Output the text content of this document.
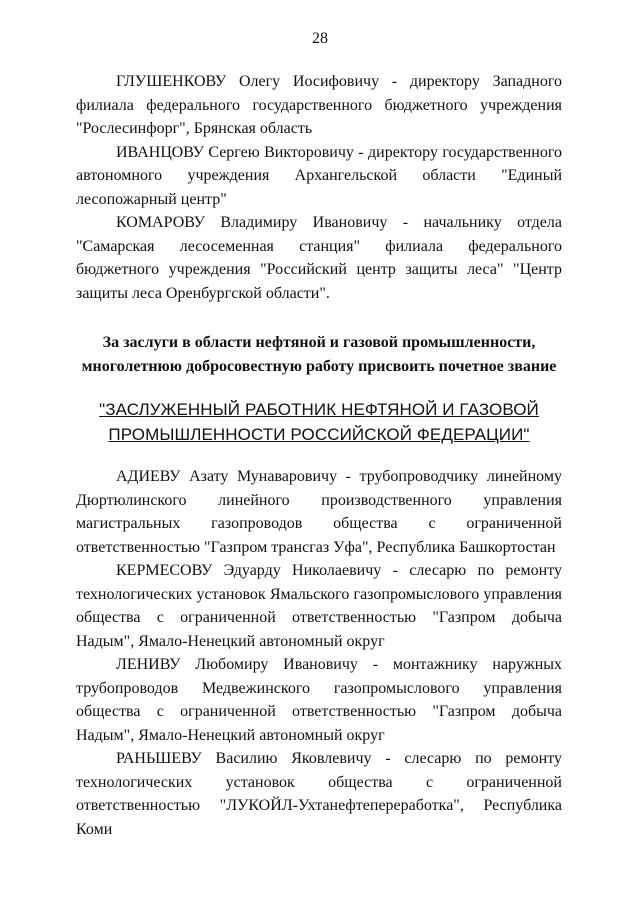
28

ГЛУШЕНКОВУ Олегу Иосифовичу - директору Западного филиала федерального государственного бюджетного учреждения "Рослесинфорг", Брянская область

ИВАНЦОВУ Сергею Викторовичу - директору государственного автономного учреждения Архангельской области "Единый лесопожарный центр"

КОМАРОВУ Владимиру Ивановичу - начальнику отдела "Самарская лесосеменная станция" филиала федерального бюджетного учреждения "Российский центр защиты леса" "Центр защиты леса Оренбургской области".

За заслуги в области нефтяной и газовой промышленности, многолетнюю добросовестную работу присвоить почетное звание

"ЗАСЛУЖЕННЫЙ РАБОТНИК НЕФТЯНОЙ И ГАЗОВОЙ ПРОМЫШЛЕННОСТИ РОССИЙСКОЙ ФЕДЕРАЦИИ"

АДИЕВУ Азату Мунаваровичу - трубопроводчику линейному Дюртюлинского линейного производственного управления магистральных газопроводов общества с ограниченной ответственностью "Газпром трансгаз Уфа", Республика Башкортостан

КЕРМЕСОВУ Эдуарду Николаевичу - слесарю по ремонту технологических установок Ямальского газопромыслового управления общества с ограниченной ответственностью "Газпром добыча Надым", Ямало-Ненецкий автономный округ

ЛЕНИВУ Любомиру Ивановичу - монтажнику наружных трубопроводов Медвежинского газопромыслового управления общества с ограниченной ответственностью "Газпром добыча Надым", Ямало-Ненецкий автономный округ

РАНЬШЕВУ Василию Яковлевичу - слесарю по ремонту технологических установок общества с ограниченной ответственностью "ЛУКОЙЛ-Ухтанефтепереработка", Республика Коми
